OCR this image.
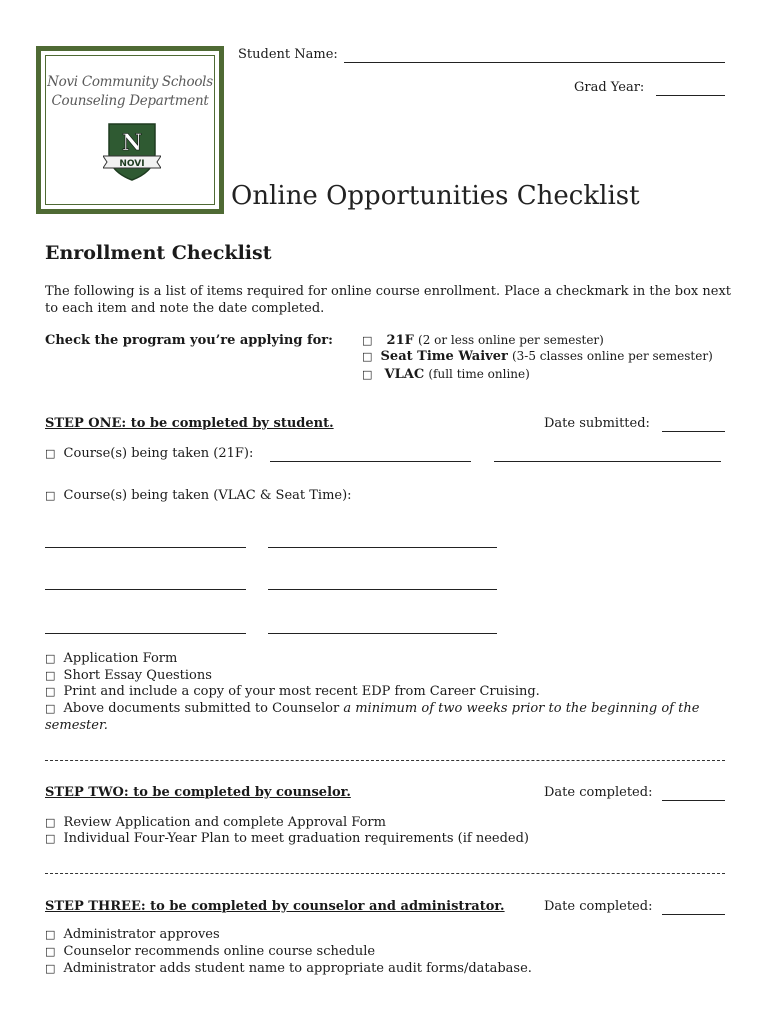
Novi Community Schools
Counseling Department
N
NOVI
Student Name:
Grad Year:
Online Opportunities Checklist
Enrollment Checklist
The following is a list of items required for online course enrollment. Place a checkmark in the box next to each item and note the date completed.
Check the program you’re applying for:	□ 21F (2 or less online per semester)
□ Seat Time Waiver (3-5 classes online per semester)
□ VLAC (full time online)
STEP ONE: to be completed by student.	Date submitted:
□ Course(s) being taken (21F):
□ Course(s) being taken (VLAC & Seat Time):
□ Application Form
□ Short Essay Questions
□ Print and include a copy of your most recent EDP from Career Cruising.
□ Above documents submitted to Counselor a minimum of two weeks prior to the beginning of the
semester.
STEP TWO: to be completed by counselor.	Date completed:
□ Review Application and complete Approval Form
□ Individual Four-Year Plan to meet graduation requirements (if needed)
STEP THREE: to be completed by counselor and administrator.	Date completed:
□ Administrator approves
□ Counselor recommends online course schedule
□ Administrator adds student name to appropriate audit forms/database.
